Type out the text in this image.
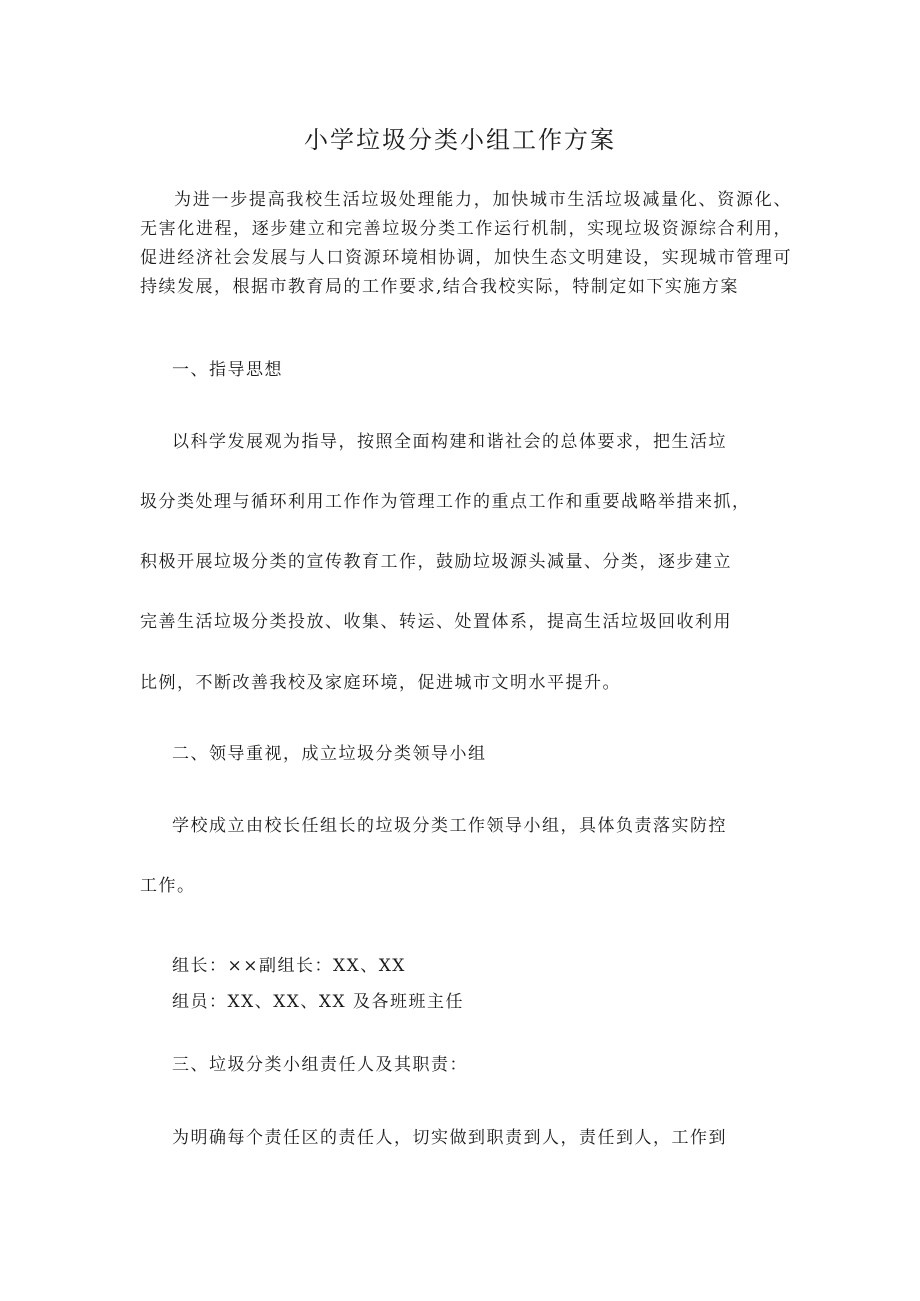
小学垃圾分类小组工作方案

为进一步提高我校生活垃圾处理能力，加快城市生活垃圾减量化、资源化、无害化进程，逐步建立和完善垃圾分类工作运行机制，实现垃圾资源综合利用，促进经济社会发展与人口资源环境相协调，加快生态文明建设，实现城市管理可持续发展，根据市教育局的工作要求,结合我校实际，特制定如下实施方案

一、指导思想

以科学发展观为指导，按照全面构建和谐社会的总体要求，把生活垃

圾分类处理与循环利用工作作为管理工作的重点工作和重要战略举措来抓，

积极开展垃圾分类的宣传教育工作，鼓励垃圾源头减量、分类，逐步建立

完善生活垃圾分类投放、收集、转运、处置体系，提高生活垃圾回收利用

比例，不断改善我校及家庭环境，促进城市文明水平提升。

二、领导重视，成立垃圾分类领导小组

学校成立由校长任组长的垃圾分类工作领导小组，具体负责落实防控

工作。

组长：××副组长：XX、XX

组员：XX、XX、XX 及各班班主任

三、垃圾分类小组责任人及其职责：

为明确每个责任区的责任人，切实做到职责到人，责任到人，工作到
